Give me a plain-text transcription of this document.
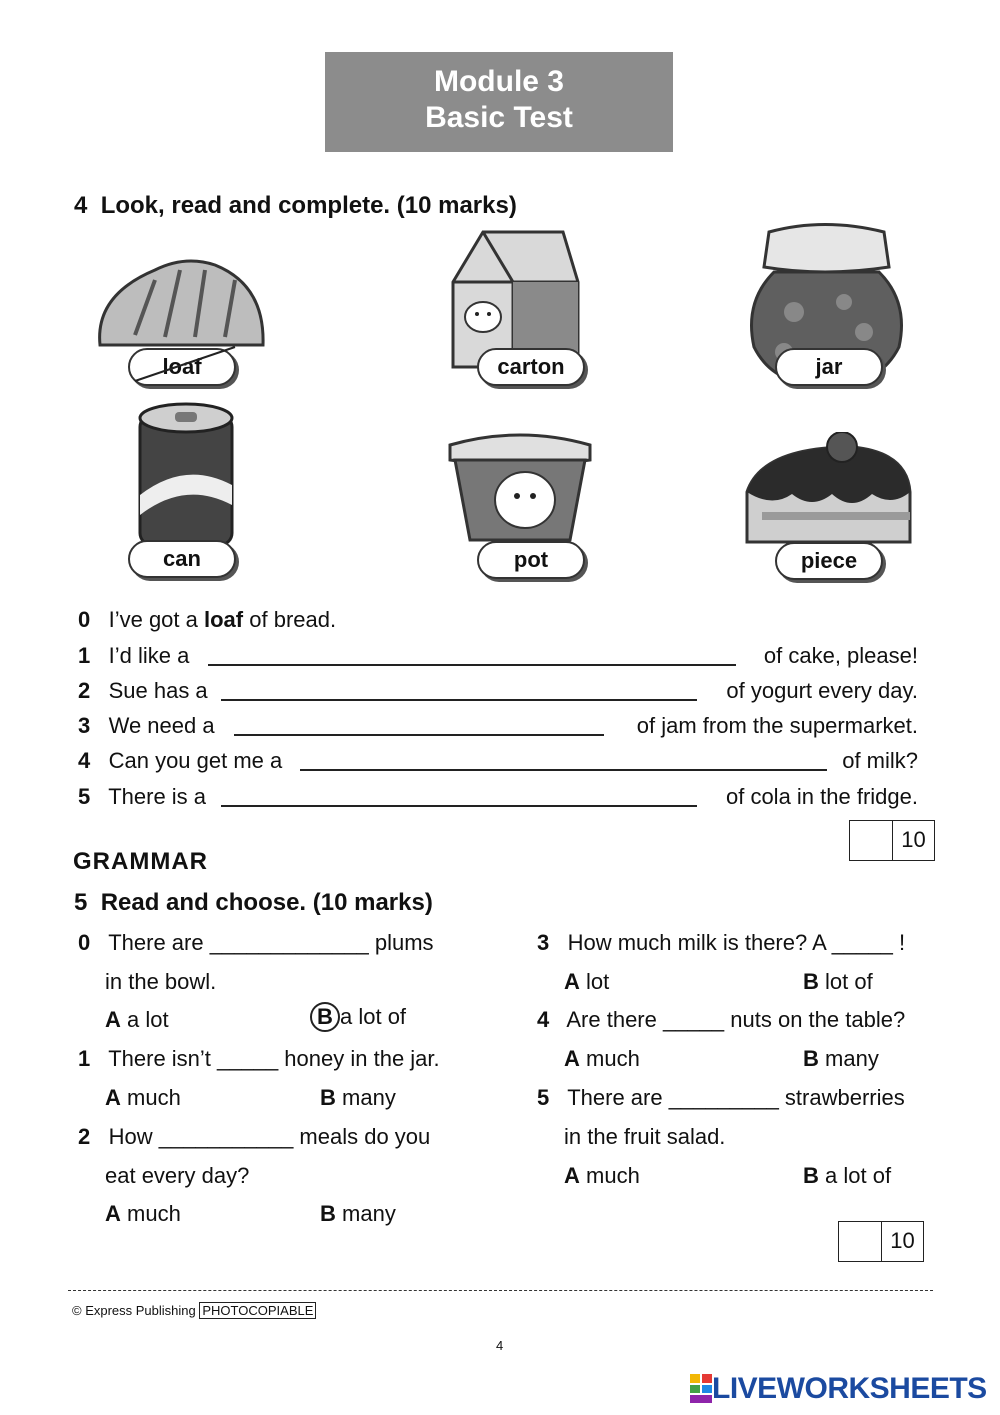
Module 3
Basic Test
4 Look, read and complete. (10 marks)
loaf	carton	jar
can	pot	piece
0 I’ve got a loaf of bread.
1 I’d like a	of cake, please!
2 Sue has a	of yogurt every day.
3 We need a	of jam from the supermarket.
4 Can you get me a	of milk?
5 There is a	of cola in the fridge.
10
GRAMMAR
5 Read and choose. (10 marks)
0 There are _____________ plums
in the bowl.
A a lot	B a lot of
1 There isn’t _____ honey in the jar.
A much	B many
2 How ___________ meals do you
eat every day?
A much	B many
3 How much milk is there? A _____ !
A lot	B lot of
4 Are there _____ nuts on the table?
A much	B many
5 There are _________ strawberries
in the fruit salad.
A much	B a lot of
10
© Express Publishing PHOTOCOPIABLE
4
LIVEWORKSHEETS
